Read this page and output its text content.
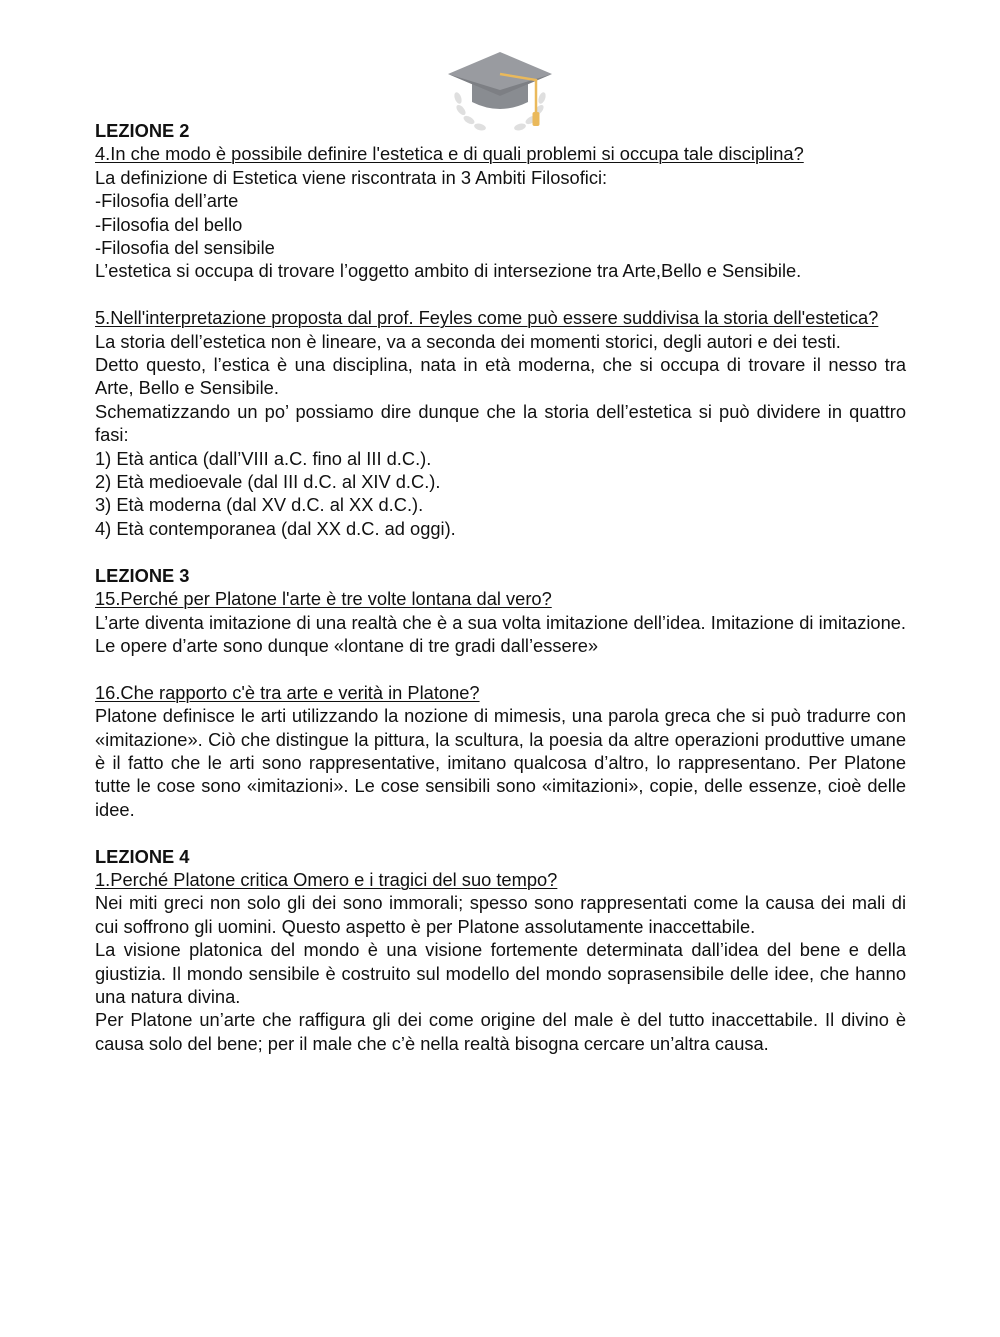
LEZIONE 2

4.In che modo è possibile definire l'estetica e di quali problemi si occupa tale disciplina?

La definizione di Estetica viene riscontrata in 3 Ambiti Filosofici:

-Filosofia dell’arte

-Filosofia del bello

-Filosofia del sensibile

L’estetica si occupa di trovare l’oggetto ambito di intersezione tra Arte,Bello e Sensibile.

5.Nell'interpretazione proposta dal prof. Feyles come può essere suddivisa la storia dell'estetica?

La storia dell’estetica non è lineare, va a seconda dei momenti storici, degli autori e dei testi.

Detto questo, l’estica è una disciplina, nata in età moderna, che si occupa di trovare il nesso tra Arte, Bello e Sensibile.

Schematizzando un po’ possiamo dire dunque che la storia dell’estetica si può dividere in quattro fasi:

1) Età antica (dall’VIII a.C. fino al III d.C.).

2) Età medioevale (dal III d.C. al XIV d.C.).

3) Età moderna (dal XV d.C. al XX d.C.).

4) Età contemporanea (dal XX d.C. ad oggi).

LEZIONE 3

15.Perché per Platone l'arte è tre volte lontana dal vero?

L’arte diventa imitazione di una realtà che è a sua volta imitazione dell’idea. Imitazione di imitazione. Le opere d’arte sono dunque «lontane di tre gradi dall’essere»

16.Che rapporto c'è tra arte e verità in Platone?

Platone definisce le arti utilizzando la nozione di mimesis, una parola greca che si può tradurre con «imitazione». Ciò che distingue la pittura, la scultura, la poesia da altre operazioni produttive umane è il fatto che le arti sono rappresentative, imitano qualcosa d’altro, lo rappresentano. Per Platone tutte le cose sono «imitazioni». Le cose sensibili sono «imitazioni», copie, delle essenze, cioè delle idee.

LEZIONE 4

1.Perché Platone critica Omero e i tragici del suo tempo?

Nei miti greci non solo gli dei sono immorali; spesso sono rappresentati come la causa dei mali di cui soffrono gli uomini. Questo aspetto è per Platone assolutamente inaccettabile.

La visione platonica del mondo è una visione fortemente determinata dall’idea del bene e della giustizia. Il mondo sensibile è costruito sul modello del mondo soprasensibile delle idee, che hanno una natura divina.

Per Platone un’arte che raffigura gli dei come origine del male è del tutto inaccettabile. Il divino è causa solo del bene; per il male che c’è nella realtà bisogna cercare un’altra causa.
